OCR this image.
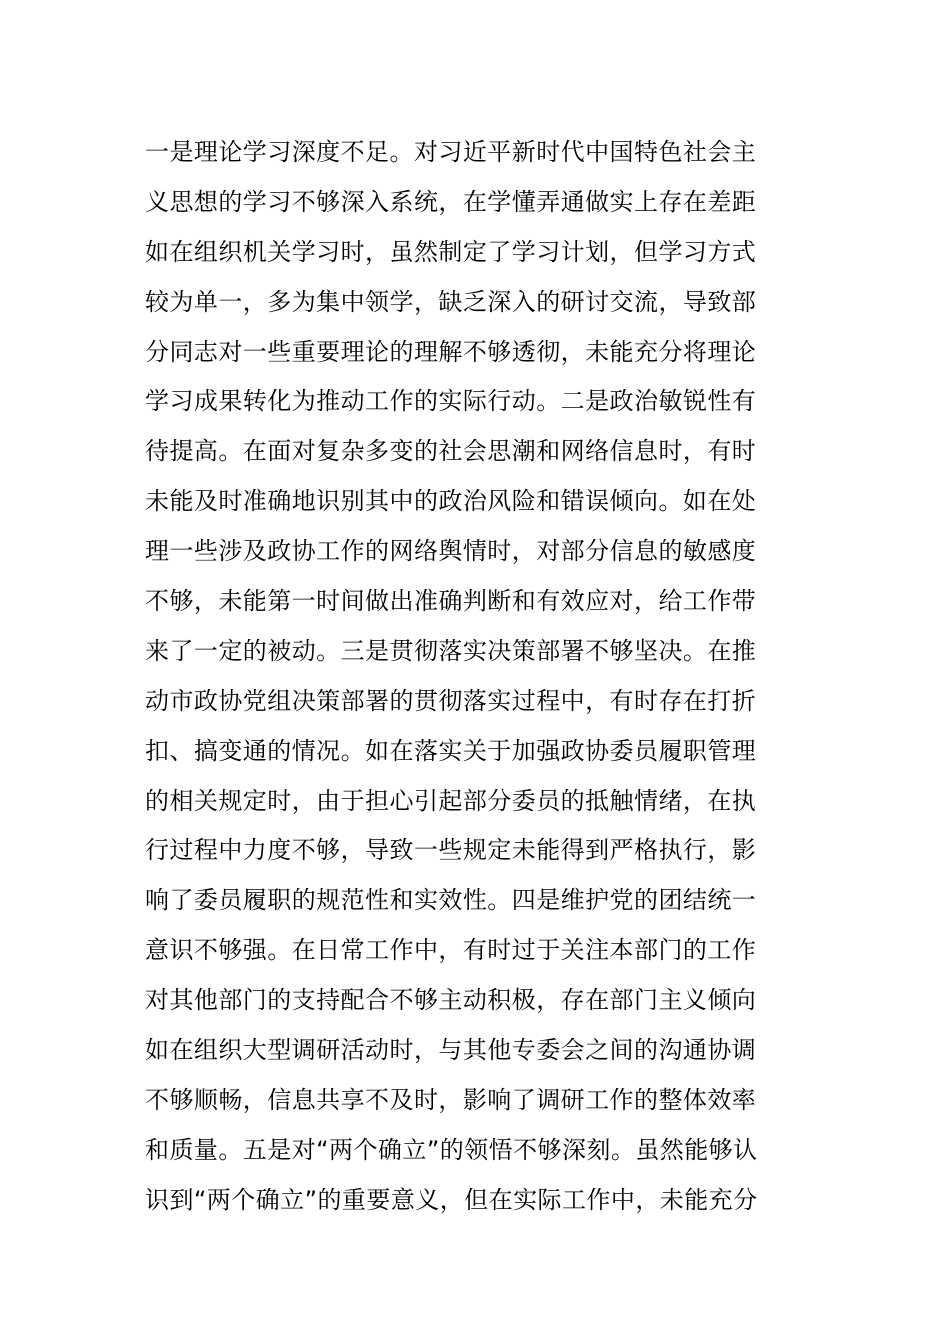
一是理论学习深度不足。对习近平新时代中国特色社会主
义思想的学习不够深入系统，在学懂弄通做实上存在差距
如在组织机关学习时，虽然制定了学习计划，但学习方式
较为单一，多为集中领学，缺乏深入的研讨交流，导致部
分同志对一些重要理论的理解不够透彻，未能充分将理论
学习成果转化为推动工作的实际行动。二是政治敏锐性有
待提高。在面对复杂多变的社会思潮和网络信息时，有时
未能及时准确地识别其中的政治风险和错误倾向。如在处
理一些涉及政协工作的网络舆情时，对部分信息的敏感度
不够，未能第一时间做出准确判断和有效应对，给工作带
来了一定的被动。三是贯彻落实决策部署不够坚决。在推
动市政协党组决策部署的贯彻落实过程中，有时存在打折
扣、搞变通的情况。如在落实关于加强政协委员履职管理
的相关规定时，由于担心引起部分委员的抵触情绪，在执
行过程中力度不够，导致一些规定未能得到严格执行，影
响了委员履职的规范性和实效性。四是维护党的团结统一
意识不够强。在日常工作中，有时过于关注本部门的工作
对其他部门的支持配合不够主动积极，存在部门主义倾向
如在组织大型调研活动时，与其他专委会之间的沟通协调
不够顺畅，信息共享不及时，影响了调研工作的整体效率
和质量。五是对“两个确立”的领悟不够深刻。虽然能够认
识到“两个确立”的重要意义，但在实际工作中，未能充分
